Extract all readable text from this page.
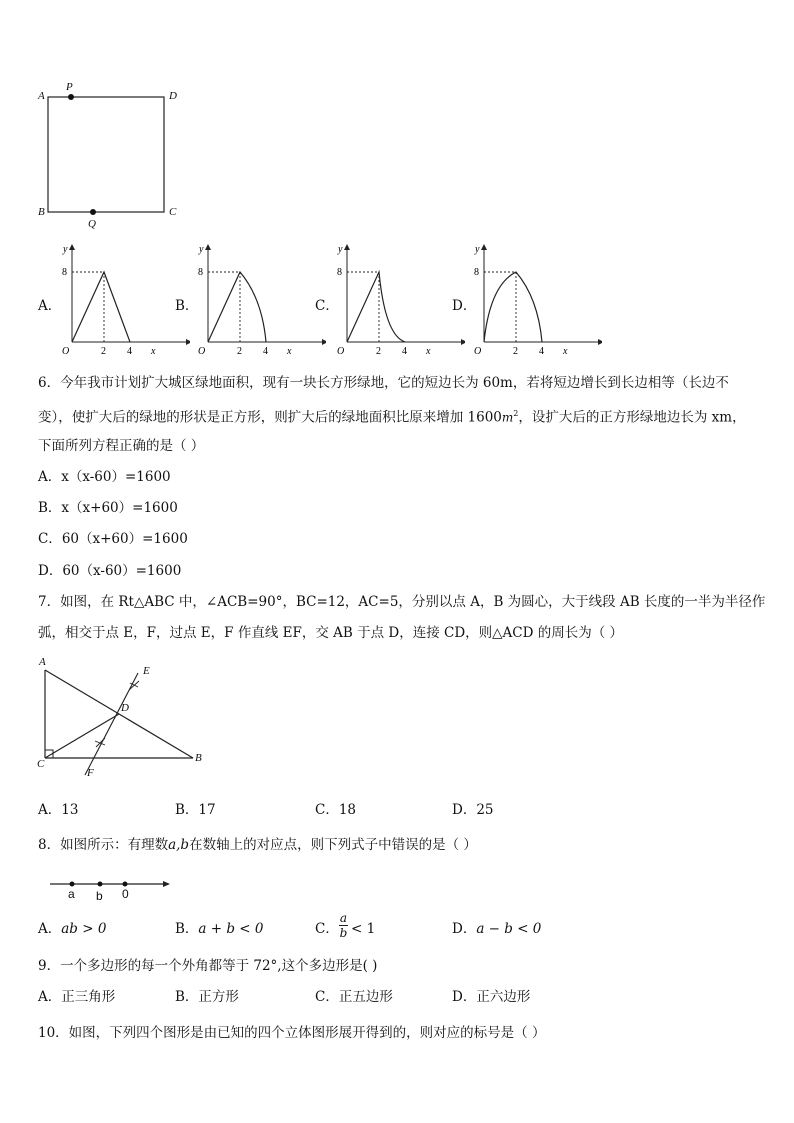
A
P
D
B
Q
C
A．
y
8
O	2 4 x
B．
y
8
O	2 4 x
C．
y
8
O	2 4 x
D．
y
8
O	2 4 x
6．今年我市计划扩大城区绿地面积，现有一块长方形绿地，它的短边长为 60m，若将短边增长到长边相等（长边不
变），使扩大后的绿地的形状是正方形，则扩大后的绿地面积比原来增加 $1600m^2$，设扩大后的正方形绿地边长为 xm，
下面所列方程正确的是（ ）
A．x（x-60）=1600
B．x（x+60）=1600
C．60（x+60）=1600
D．60（x-60）=1600
7．如图，在 Rt△ABC 中，∠ACB=90°，BC=12，AC=5，分别以点 A，B 为圆心，大于线段 AB 长度的一半为半径作
弧，相交于点 E，F，过点 E，F 作直线 EF，交 AB 于点 D，连接 CD，则△ACD 的周长为（ ）
A
E
D
C
F
B
A．13	B．17	C．18	D．25
8．如图所示：有理数a,b在数轴上的对应点，则下列式子中错误的是（ ）
a b 0
A．ab > 0	B．a + b < 0	C． $\frac{a}{b} < 1$	D．a − b < 0
9．一个多边形的每一个外角都等于 72°,这个多边形是( )
A．正三角形	B．正方形	C．正五边形	D．正六边形
10．如图，下列四个图形是由已知的四个立体图形展开得到的，则对应的标号是（ ）
